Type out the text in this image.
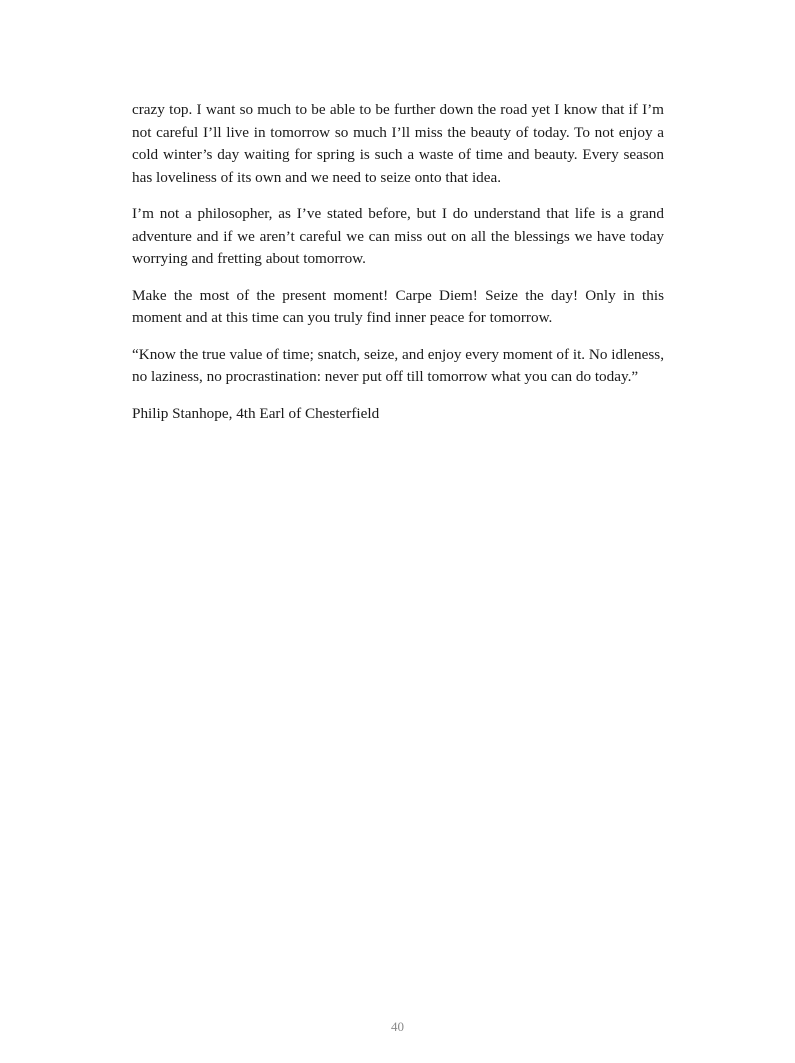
crazy top. I want so much to be able to be further down the road yet I know that if I’m not careful I’ll live in tomorrow so much I’ll miss the beauty of today. To not enjoy a cold winter’s day waiting for spring is such a waste of time and beauty. Every season has loveliness of its own and we need to seize onto that idea.

I’m not a philosopher, as I’ve stated before, but I do understand that life is a grand adventure and if we aren’t careful we can miss out on all the blessings we have today worrying and fretting about tomorrow.

Make the most of the present moment! Carpe Diem! Seize the day! Only in this moment and at this time can you truly find inner peace for tomorrow.

“Know the true value of time; snatch, seize, and enjoy every moment of it. No idleness, no laziness, no procrastination: never put off till tomorrow what you can do today.”

Philip Stanhope, 4th Earl of Chesterfield

40
